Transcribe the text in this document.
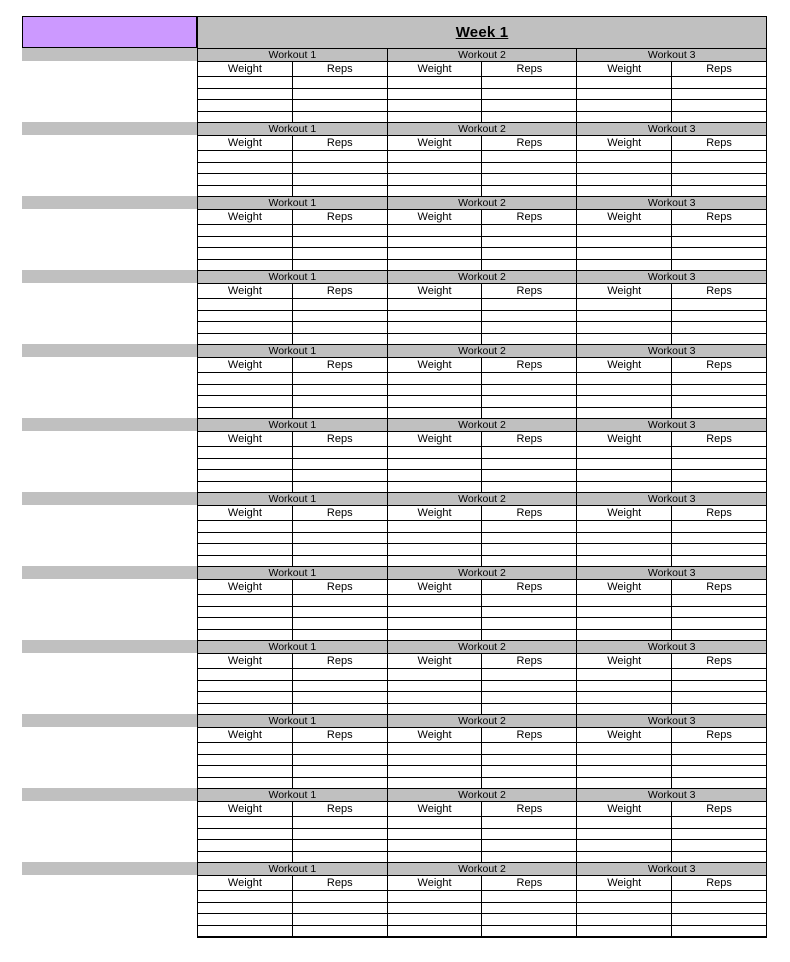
Week 1
Workout 1	Workout 2	Workout 3
Weight	Reps	Weight	Reps	Weight	Reps
Workout 1	Workout 2	Workout 3
Weight	Reps	Weight	Reps	Weight	Reps
Workout 1	Workout 2	Workout 3
Weight	Reps	Weight	Reps	Weight	Reps
Workout 1	Workout 2	Workout 3
Weight	Reps	Weight	Reps	Weight	Reps
Workout 1	Workout 2	Workout 3
Weight	Reps	Weight	Reps	Weight	Reps
Workout 1	Workout 2	Workout 3
Weight	Reps	Weight	Reps	Weight	Reps
Workout 1	Workout 2	Workout 3
Weight	Reps	Weight	Reps	Weight	Reps
Workout 1	Workout 2	Workout 3
Weight	Reps	Weight	Reps	Weight	Reps
Workout 1	Workout 2	Workout 3
Weight	Reps	Weight	Reps	Weight	Reps
Workout 1	Workout 2	Workout 3
Weight	Reps	Weight	Reps	Weight	Reps
Workout 1	Workout 2	Workout 3
Weight	Reps	Weight	Reps	Weight	Reps
Workout 1	Workout 2	Workout 3
Weight	Reps	Weight	Reps	Weight	Reps
